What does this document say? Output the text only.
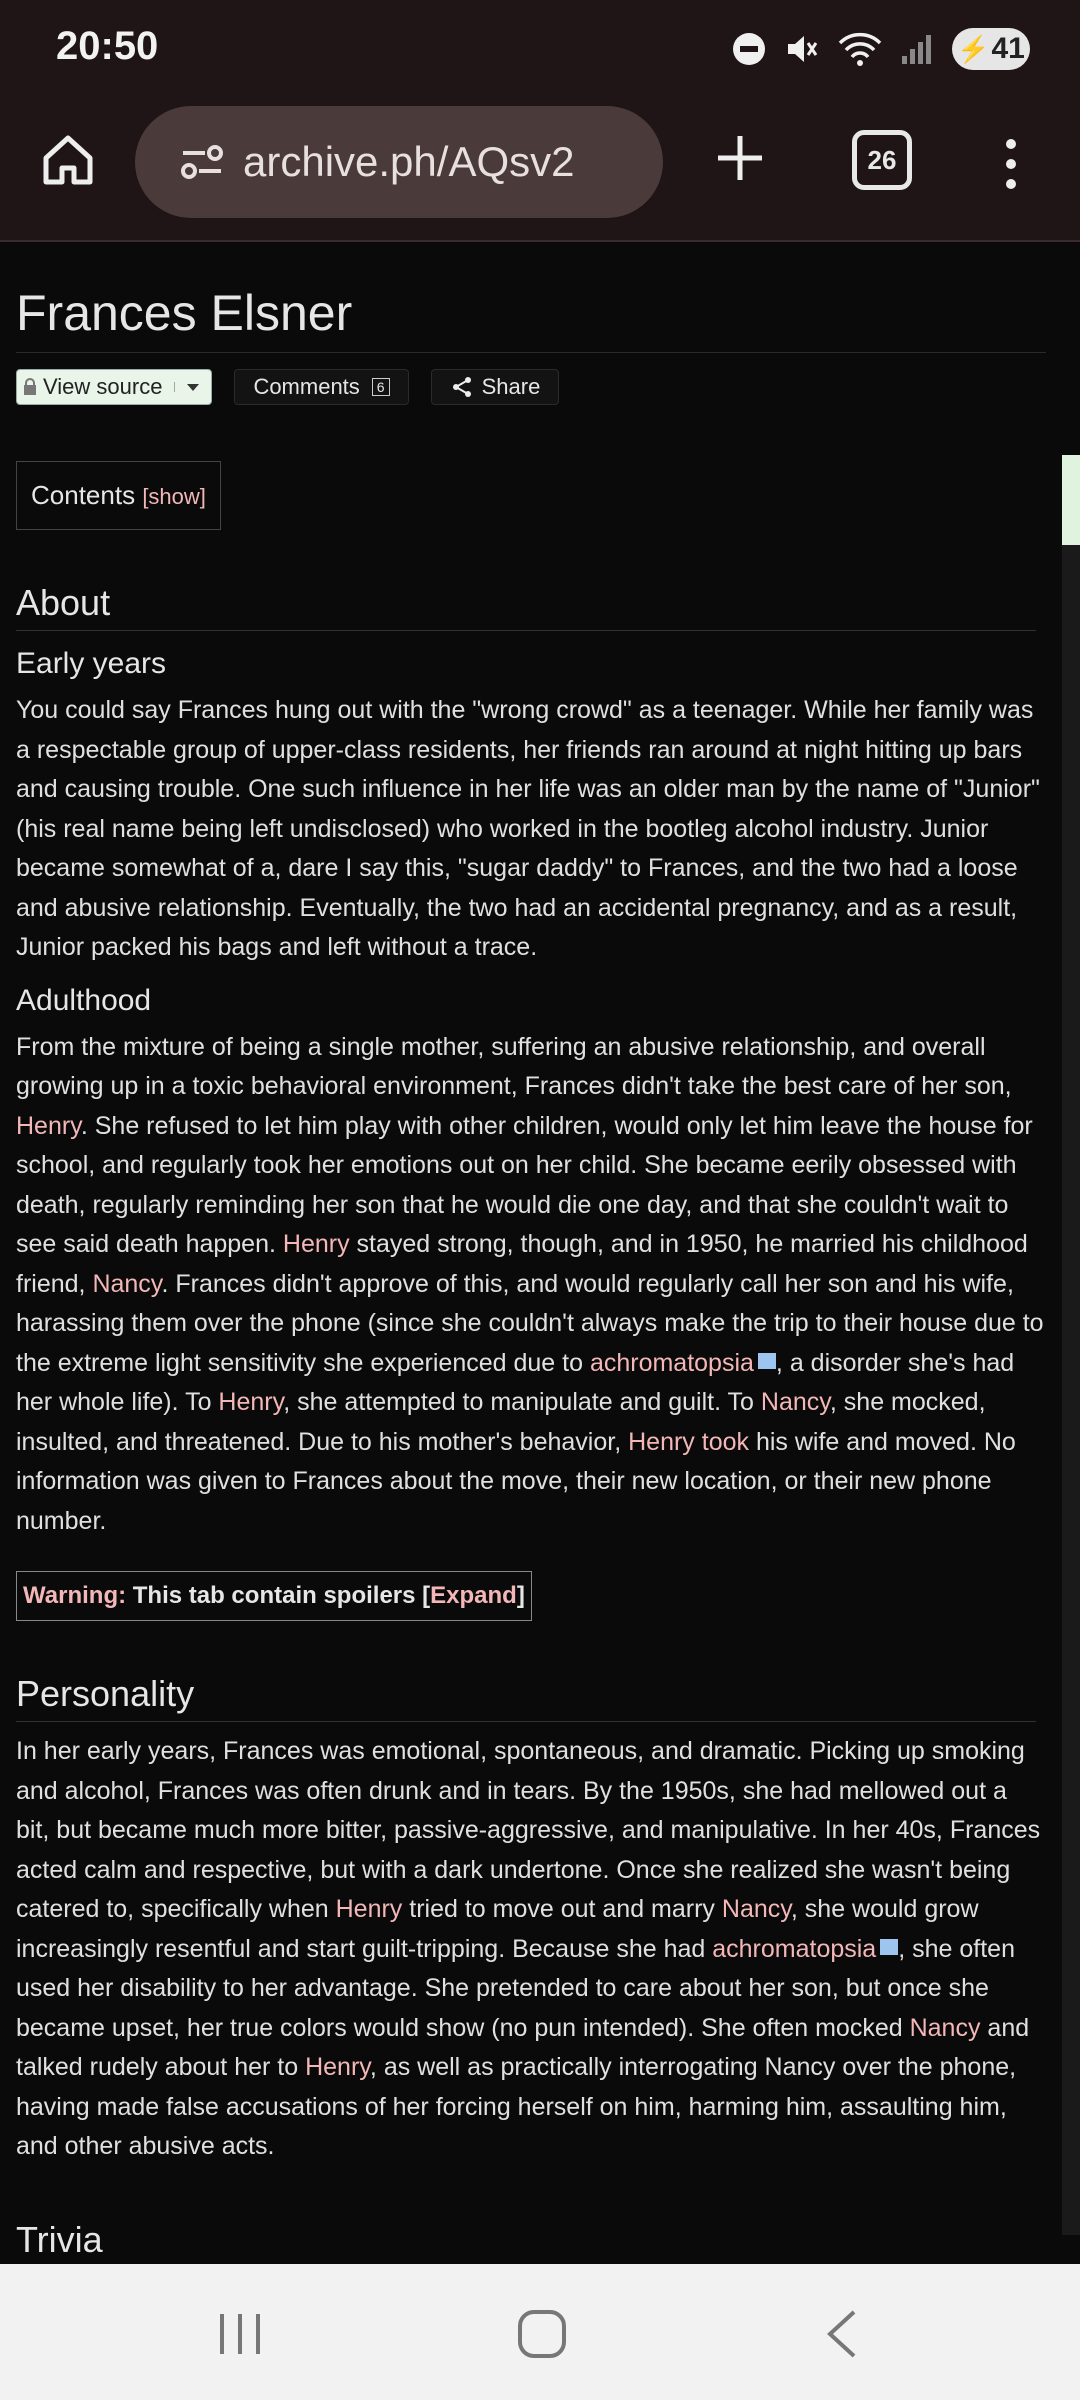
20:50	⚡ 41
archive.ph/AQsv2	26
Frances Elsner
View source	Comments	6	Share
Contents [show]
About
Early years

You could say Frances hung out with the "wrong crowd" as a teenager. While her family was a respectable group of upper-class residents, her friends ran around at night hitting up bars and causing trouble. One such influence in her life was an older man by the name of "Junior" (his real name being left undisclosed) who worked in the bootleg alcohol industry. Junior became somewhat of a, dare I say this, "sugar daddy" to Frances, and the two had a loose and abusive relationship. Eventually, the two had an accidental pregnancy, and as a result, Junior packed his bags and left without a trace.

Adulthood

From the mixture of being a single mother, suffering an abusive relationship, and overall growing up in a toxic behavioral environment, Frances didn't take the best care of her son, Henry. She refused to let him play with other children, would only let him leave the house for school, and regularly took her emotions out on her child. She became eerily obsessed with death, regularly reminding her son that he would die one day, and that she couldn't wait to see said death happen. Henry stayed strong, though, and in 1950, he married his childhood friend, Nancy. Frances didn't approve of this, and would regularly call her son and his wife, harassing them over the phone (since she couldn't always make the trip to their house due to the extreme light sensitivity she experienced due to achromatopsia , a disorder she's had her whole life). To Henry, she attempted to manipulate and guilt. To Nancy, she mocked, insulted, and threatened. Due to his mother's behavior, Henry took his wife and moved. No information was given to Frances about the move, their new location, or their new phone number.

Warning: This tab contain spoilers [Expand]
Personality

In her early years, Frances was emotional, spontaneous, and dramatic. Picking up smoking and alcohol, Frances was often drunk and in tears. By the 1950s, she had mellowed out a bit, but became much more bitter, passive-aggressive, and manipulative. In her 40s, Frances acted calm and respective, but with a dark undertone. Once she realized she wasn't being catered to, specifically when Henry tried to move out and marry Nancy, she would grow increasingly resentful and start guilt-tripping. Because she had achromatopsia , she often used her disability to her advantage. She pretended to care about her son, but once she became upset, her true colors would show (no pun intended). She often mocked Nancy and talked rudely about her to Henry, as well as practically interrogating Nancy over the phone, having made false accusations of her forcing herself on him, harming him, assaulting him, and other abusive acts.

Trivia
